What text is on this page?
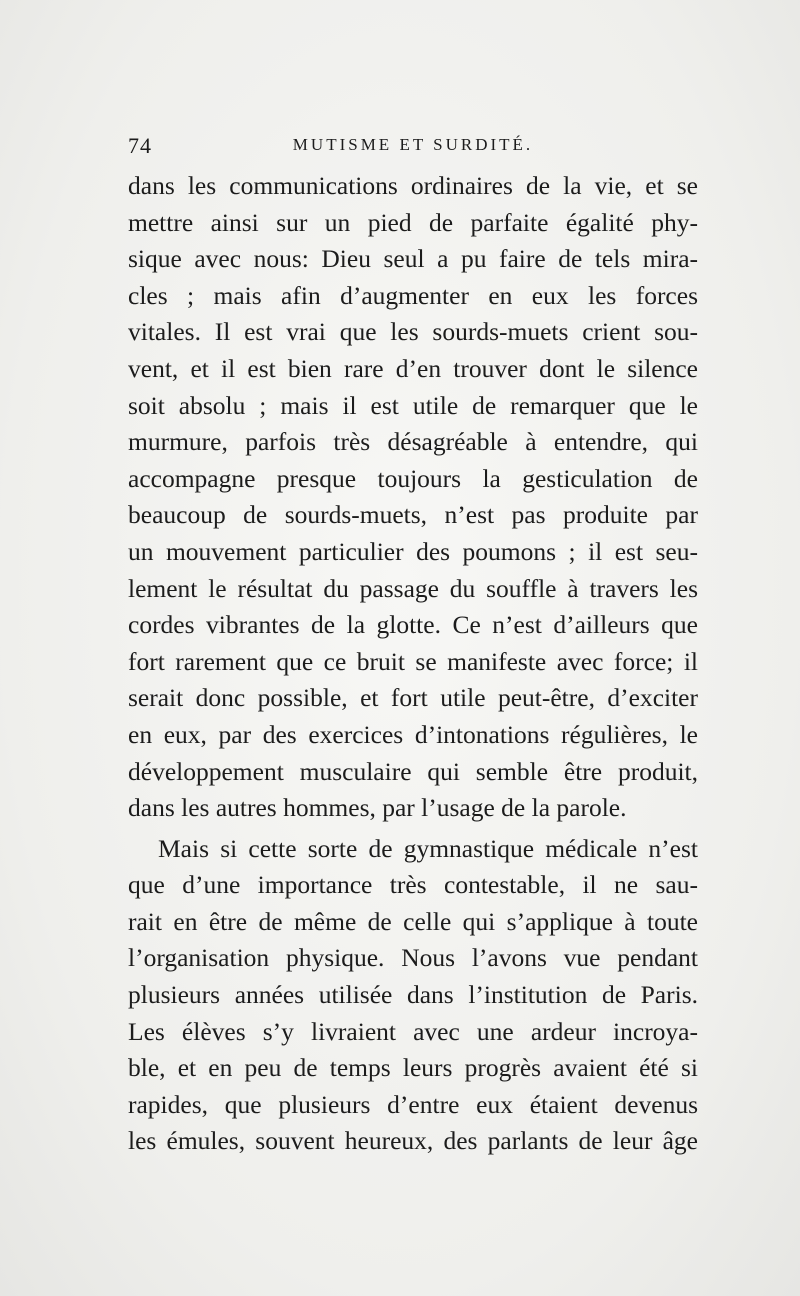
74	MUTISME ET SURDITÉ.
dans les communications ordinaires de la vie, et se
mettre ainsi sur un pied de parfaite égalité phy-
sique avec nous: Dieu seul a pu faire de tels mira-
cles ; mais afin d’augmenter en eux les forces
vitales. Il est vrai que les sourds-muets crient sou-
vent, et il est bien rare d’en trouver dont le silence
soit absolu ; mais il est utile de remarquer que le
murmure, parfois très désagréable à entendre, qui
accompagne presque toujours la gesticulation de
beaucoup de sourds-muets, n’est pas produite par
un mouvement particulier des poumons ; il est seu-
lement le résultat du passage du souffle à travers les
cordes vibrantes de la glotte. Ce n’est d’ailleurs que
fort rarement que ce bruit se manifeste avec force; il
serait donc possible, et fort utile peut-être, d’exciter
en eux, par des exercices d’intonations régulières, le
développement musculaire qui semble être produit,
dans les autres hommes, par l’usage de la parole.
Mais si cette sorte de gymnastique médicale n’est
que d’une importance très contestable, il ne sau-
rait en être de même de celle qui s’applique à toute
l’organisation physique. Nous l’avons vue pendant
plusieurs années utilisée dans l’institution de Paris.
Les élèves s’y livraient avec une ardeur incroya-
ble, et en peu de temps leurs progrès avaient été si
rapides, que plusieurs d’entre eux étaient devenus
les émules, souvent heureux, des parlants de leur âge
